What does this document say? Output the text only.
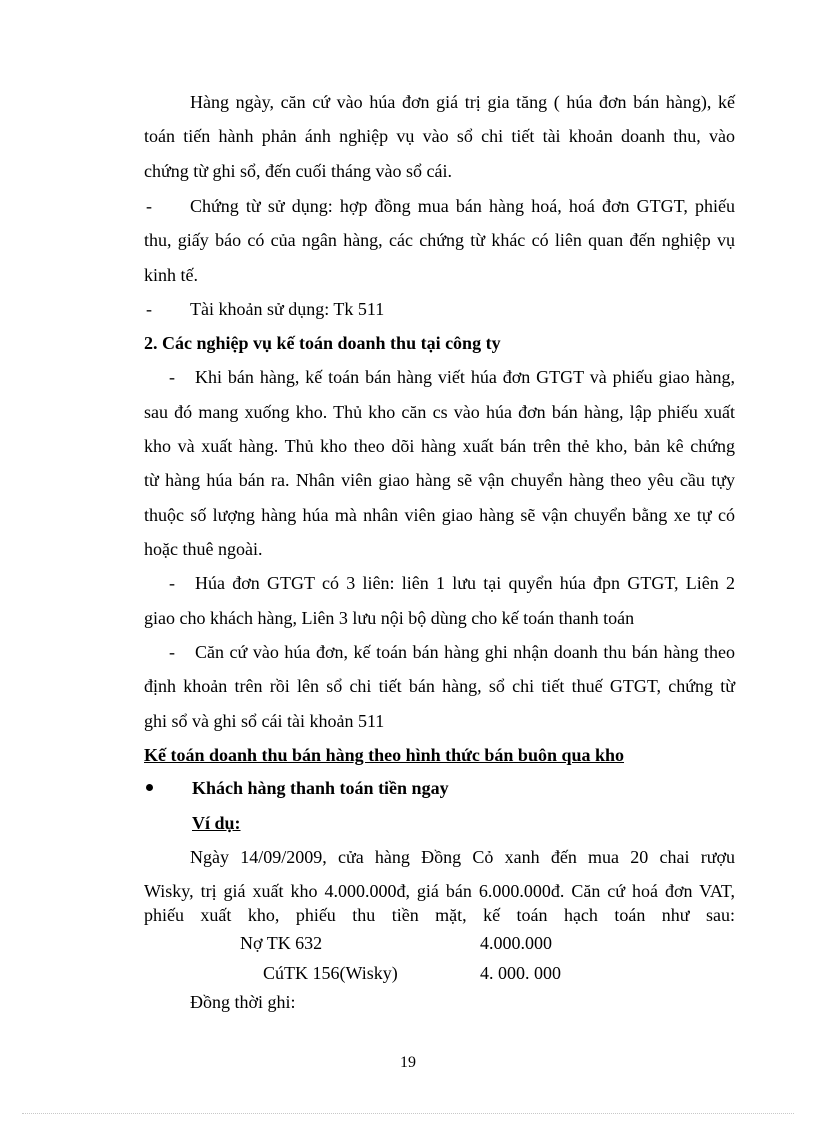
Hàng ngày, căn cứ vào húa đơn giá trị gia tăng ( húa đơn bán hàng), kế
toán tiến hành phản ánh nghiệp vụ vào sổ chi tiết tài khoản doanh thu, vào
chứng từ ghi sổ, đến cuối tháng vào sổ cái.
- Chứng từ sử dụng: hợp đồng mua bán hàng hoá, hoá đơn GTGT, phiếu
thu, giấy báo có của ngân hàng, các chứng từ khác có liên quan đến nghiệp vụ
kinh tế.
- Tài khoản sử dụng: Tk 511
2. Các nghiệp vụ kế toán doanh thu tại công ty
- Khi bán hàng, kế toán bán hàng viết húa đơn GTGT và phiếu giao hàng,
sau đó mang xuống kho. Thủ kho căn cs vào húa đơn bán hàng, lập phiếu xuất
kho và xuất hàng. Thủ kho theo dõi hàng xuất bán trên thẻ kho, bản kê chứng
từ hàng húa bán ra. Nhân viên giao hàng sẽ vận chuyển hàng theo yêu cầu tựy
thuộc số lượng hàng húa mà nhân viên giao hàng sẽ vận chuyển bằng xe tự có
hoặc thuê ngoài.
- Húa đơn GTGT có 3 liên: liên 1 lưu tại quyển húa đpn GTGT, Liên 2
giao cho khách hàng, Liên 3 lưu nội bộ dùng cho kế toán thanh toán
- Căn cứ vào húa đơn, kế toán bán hàng ghi nhận doanh thu bán hàng theo
định khoản trên rồi lên sổ chi tiết bán hàng, sổ chi tiết thuế GTGT, chứng từ
ghi sổ và ghi sổ cái tài khoản 511
Kế toán doanh thu bán hàng theo hình thức bán buôn qua kho
Khách hàng thanh toán tiền ngay
Ví dụ:
Ngày 14/09/2009, cửa hàng Đồng Cỏ xanh đến mua 20 chai rượu
Wisky, trị giá xuất kho 4.000.000đ, giá bán 6.000.000đ. Căn cứ hoá đơn VAT,
phiếu xuất kho, phiếu thu tiền mặt, kế toán hạch toán như sau:
Nợ TK 632	4.000.000
CúTK 156(Wisky)	4. 000. 000
Đồng thời ghi:
19
